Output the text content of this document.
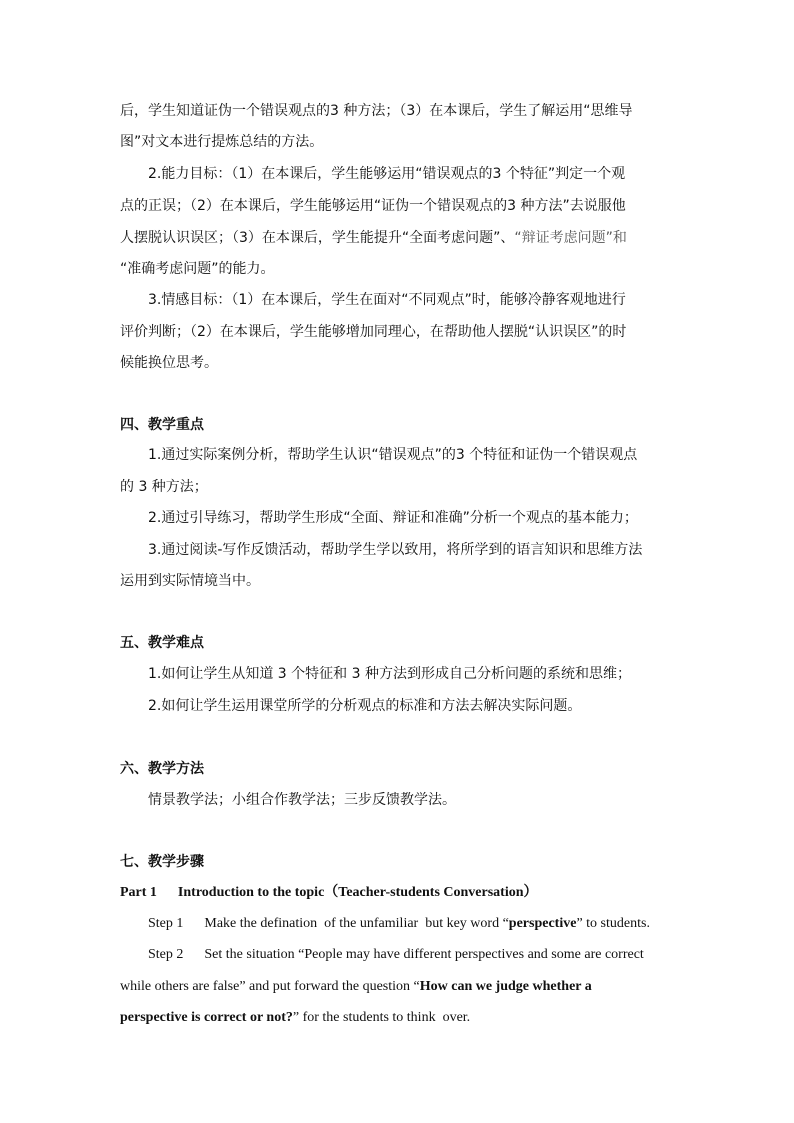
后，学生知道证伪一个错误观点的3 种方法；（3）在本课后，学生了解运用“思维导
图”对文本进行提炼总结的方法。
2.能力目标：（1）在本课后，学生能够运用“错误观点的3 个特征”判定一个观
点的正误；（2）在本课后，学生能够运用“证伪一个错误观点的3 种方法”去说服他
人摆脱认识误区；（3）在本课后，学生能提升“全面考虑问题”、“辩证考虑问题”和
“准确考虑问题”的能力。
3.情感目标：（1）在本课后，学生在面对“不同观点”时，能够冷静客观地进行
评价判断；（2）在本课后，学生能够增加同理心，在帮助他人摆脱“认识误区”的时
候能换位思考。
四、教学重点
1.通过实际案例分析，帮助学生认识“错误观点”的3 个特征和证伪一个错误观点
的 3 种方法；
2.通过引导练习，帮助学生形成“全面、辩证和准确”分析一个观点的基本能力；
3.通过阅读-写作反馈活动，帮助学生学以致用，将所学到的语言知识和思维方法
运用到实际情境当中。
五、教学难点
1.如何让学生从知道 3 个特征和 3 种方法到形成自己分析问题的系统和思维；
2.如何让学生运用课堂所学的分析观点的标准和方法去解决实际问题。
六、教学方法
情景教学法；小组合作教学法；三步反馈教学法。
七、教学步骤
Part 1      Introduction to the topic（Teacher-students Conversation）
Step 1      Make the defination  of the unfamiliar  but key word “perspective” to students.
Step 2      Set the situation “People may have different perspectives and some are correct
while others are false” and put forward the question “How can we judge whether a
perspective is correct or not?” for the students to think  over.
